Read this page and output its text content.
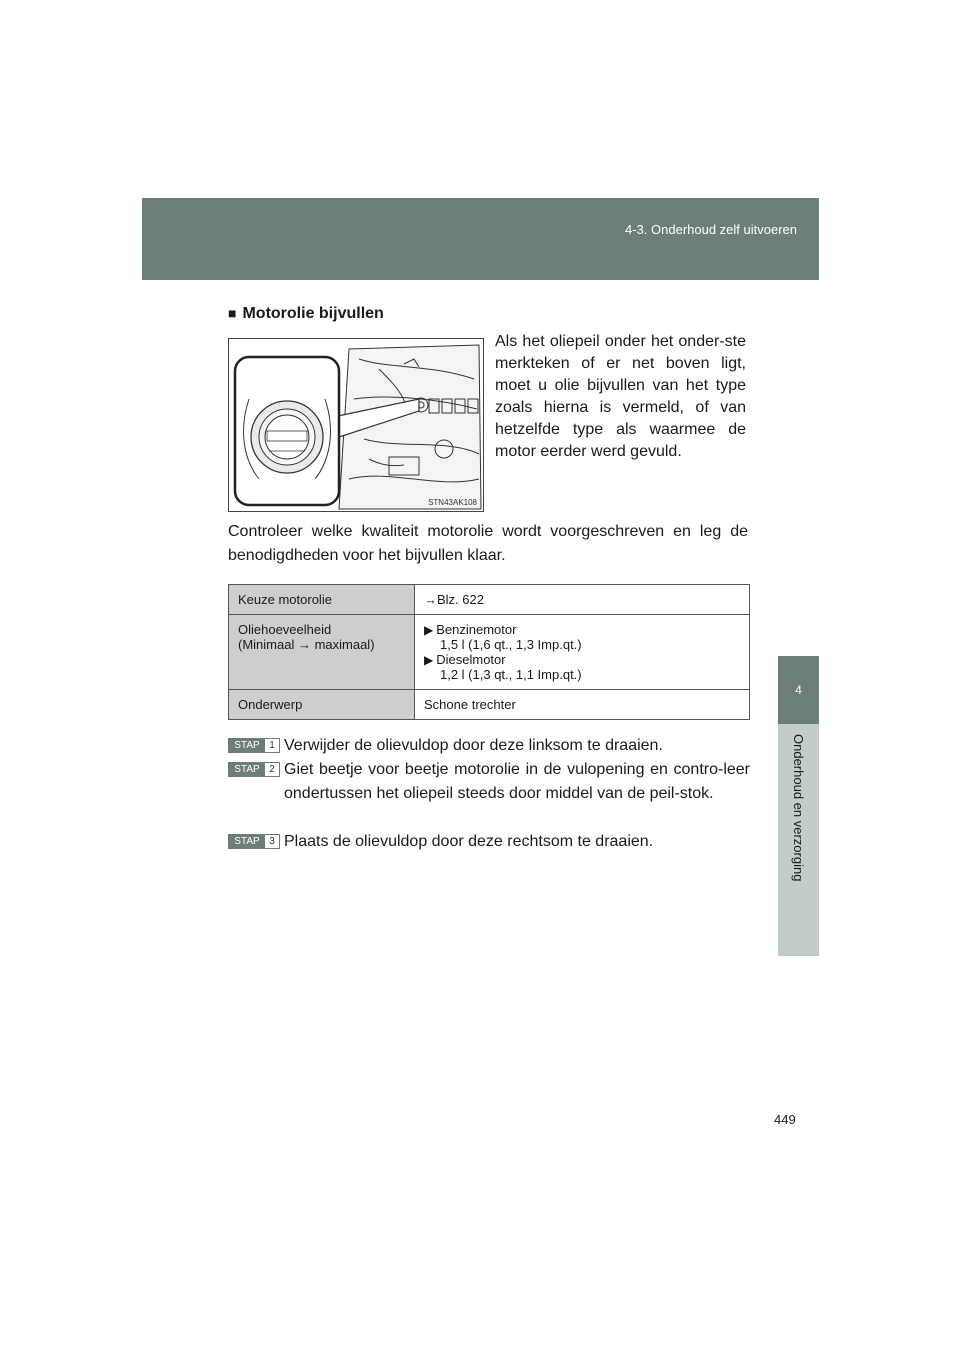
4-3. Onderhoud zelf uitvoeren
4
Onderhoud en verzorging
■ Motorolie bijvullen
STN43AK108
Als het oliepeil onder het onder-ste merkteken of er net boven ligt, moet u olie bijvullen van het type zoals hierna is vermeld, of van hetzelfde type als waarmee de motor eerder werd gevuld.
Controleer welke kwaliteit motorolie wordt voorgeschreven en leg de benodigdheden voor het bijvullen klaar.
Keuze motorolie	→Blz. 622

Oliehoeveelheid
(Minimaal → maximaal)	▶ Benzinemotor
1,5 l (1,6 qt., 1,3 Imp.qt.)
▶ Dieselmotor
1,2 l (1,3 qt., 1,1 Imp.qt.)

Onderwerp	Schone trechter
STAP 1 Verwijder de olievuldop door deze linksom te draaien.
STAP 2 Giet beetje voor beetje motorolie in de vulopening en contro-leer ondertussen het oliepeil steeds door middel van de peil-stok.
STAP 3 Plaats de olievuldop door deze rechtsom te draaien.
449
